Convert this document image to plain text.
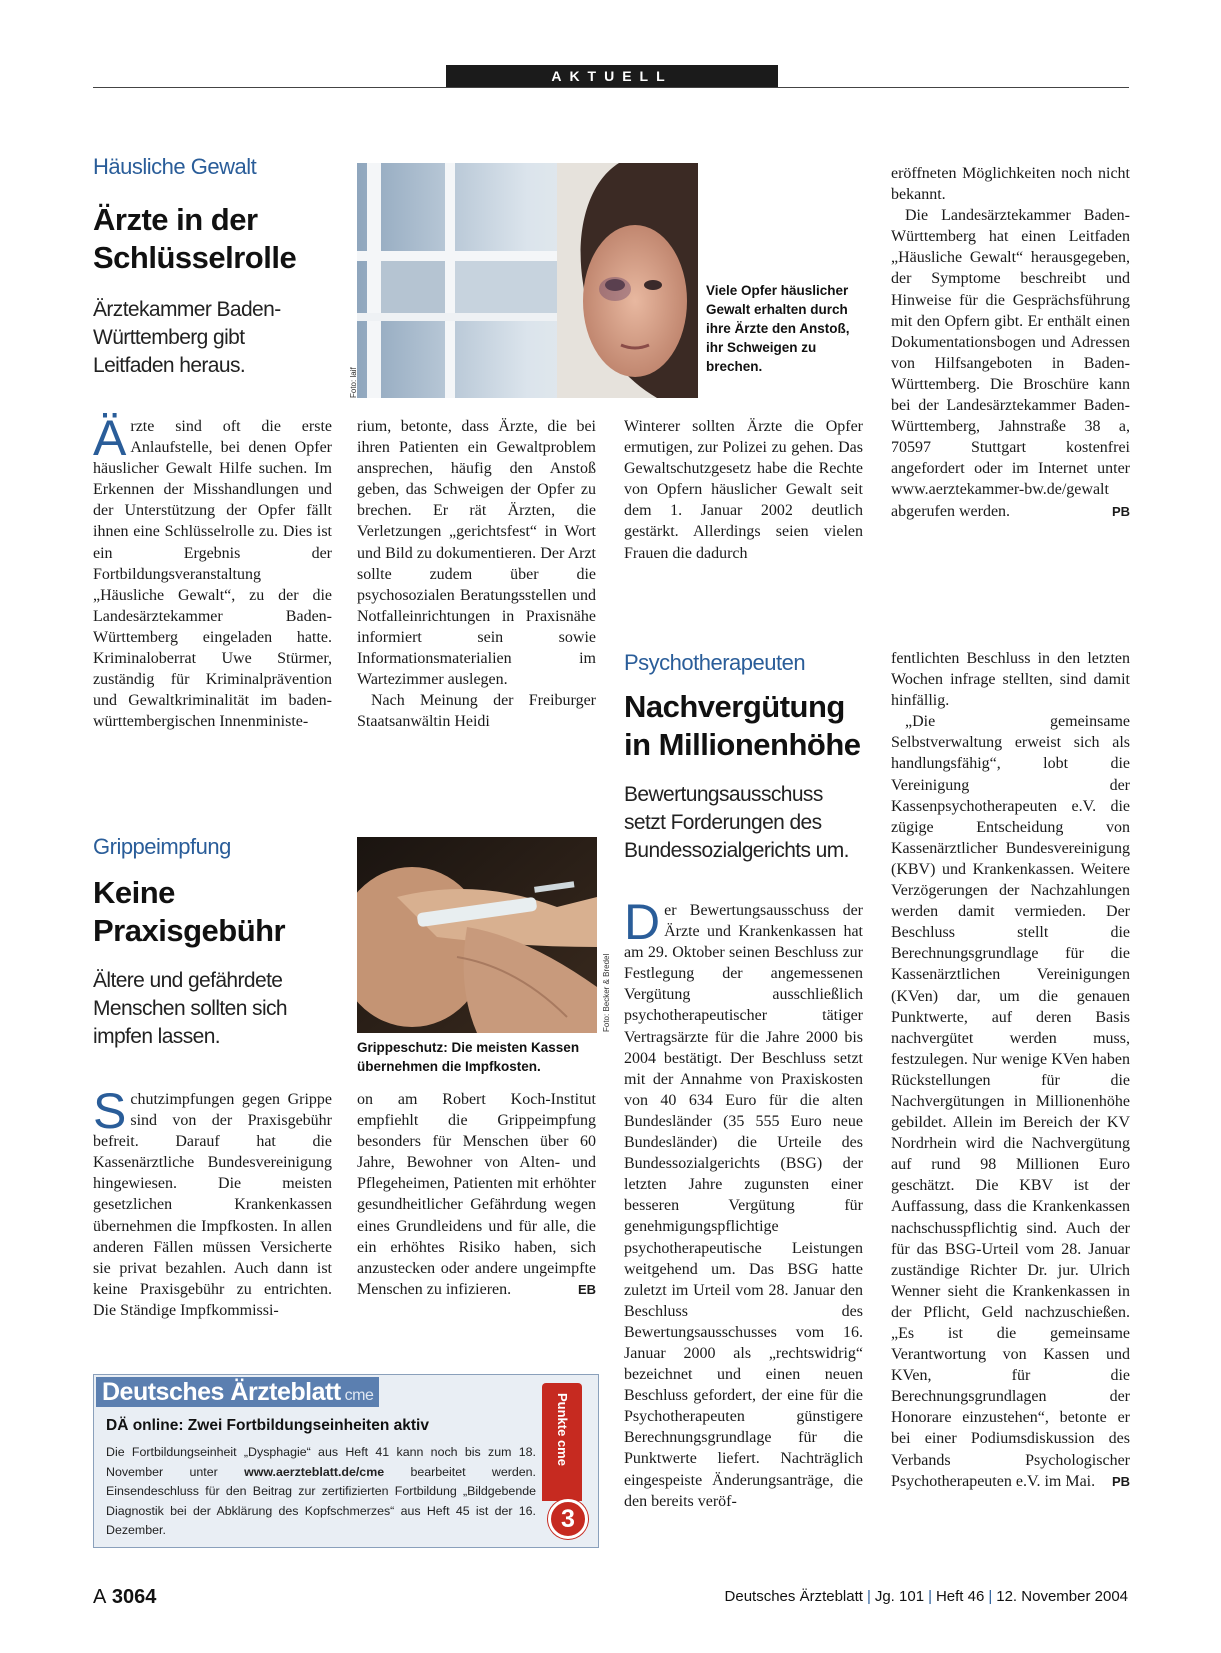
AKTUELL
Häusliche Gewalt
Ärzte in der
Schlüsselrolle
Ärztekammer Baden-
Württemberg gibt
Leitfaden heraus.
Foto: laif
Viele Opfer häuslicher Gewalt erhalten durch ihre Ärzte den Anstoß, ihr Schweigen zu brechen.

Ärzte sind oft die erste Anlaufstelle, bei denen Opfer häuslicher Gewalt Hilfe suchen. Im Erkennen der Misshandlungen und der Unterstützung der Opfer fällt ihnen eine Schlüsselrolle zu. Dies ist ein Ergebnis der Fortbildungsveranstaltung „Häusliche Gewalt“, zu der die Landesärztekammer Baden-Württemberg eingeladen hatte. Kriminaloberrat Uwe Stürmer, zuständig für Kriminalprävention und Gewaltkriminalität im baden-württembergischen Innenministe-

rium, betonte, dass Ärzte, die bei ihren Patienten ein Gewaltproblem ansprechen, häufig den Anstoß geben, das Schweigen der Opfer zu brechen. Er rät Ärzten, die Verletzungen „gerichtsfest“ in Wort und Bild zu dokumentieren. Der Arzt sollte zudem über die psychosozialen Beratungsstellen und Notfalleinrichtungen in Praxisnähe informiert sein sowie Informationsmaterialien im Wartezimmer auslegen.

Nach Meinung der Freiburger Staatsanwältin Heidi

Winterer sollten Ärzte die Opfer ermutigen, zur Polizei zu gehen. Das Gewaltschutzgesetz habe die Rechte von Opfern häuslicher Gewalt seit dem 1. Januar 2002 deutlich gestärkt. Allerdings seien vielen Frauen die dadurch

eröffneten Möglichkeiten noch nicht bekannt.

Die Landesärztekammer Baden-Württemberg hat einen Leitfaden „Häusliche Gewalt“ herausgegeben, der Symptome beschreibt und Hinweise für die Gesprächsführung mit den Opfern gibt. Er enthält einen Dokumentationsbogen und Adressen von Hilfsangeboten in Baden-Württemberg. Die Broschüre kann bei der Landesärztekammer Baden-Württemberg, Jahnstraße 38 a, 70597 Stuttgart kostenfrei angefordert oder im Internet unter www.aerztekammer-bw.de/gewalt abgerufen werden.	PB

Grippeimpfung
Keine
Praxisgebühr
Ältere und gefährdete
Menschen sollten sich
impfen lassen.
Foto: Becker & Bredel
Grippeschutz: Die meisten Kassen übernehmen die Impfkosten.

Schutzimpfungen gegen Grippe sind von der Praxisgebühr befreit. Darauf hat die Kassenärztliche Bundesvereinigung hingewiesen. Die meisten gesetzlichen Krankenkassen übernehmen die Impfkosten. In allen anderen Fällen müssen Versicherte sie privat bezahlen. Auch dann ist keine Praxisgebühr zu entrichten. Die Ständige Impfkommissi-

on am Robert Koch-Institut empfiehlt die Grippeimpfung besonders für Menschen über 60 Jahre, Bewohner von Alten- und Pflegeheimen, Patienten mit erhöhter gesundheitlicher Gefährdung wegen eines Grundleidens und für alle, die ein erhöhtes Risiko haben, sich anzustecken oder andere ungeimpfte Menschen zu infizieren.	EB

Psychotherapeuten
Nachvergütung
in Millionenhöhe
Bewertungsausschuss
setzt Forderungen des
Bundessozialgerichts um.

Der Bewertungsausschuss der Ärzte und Krankenkassen hat am 29. Oktober seinen Beschluss zur Festlegung der angemessenen Vergütung ausschließlich psychotherapeutischer tätiger Vertragsärzte für die Jahre 2000 bis 2004 bestätigt. Der Beschluss setzt mit der Annahme von Praxiskosten von 40 634 Euro für die alten Bundesländer (35 555 Euro neue Bundesländer) die Urteile des Bundessozialgerichts (BSG) der letzten Jahre zugunsten einer besseren Vergütung für genehmigungspflichtige psychotherapeutische Leistungen weitgehend um. Das BSG hatte zuletzt im Urteil vom 28. Januar den Beschluss des Bewertungsausschusses vom 16. Januar 2000 als „rechtswidrig“ bezeichnet und einen neuen Beschluss gefordert, der eine für die Psychotherapeuten günstigere Berechnungsgrundlage für die Punktwerte liefert. Nachträglich eingespeiste Änderungsanträge, die den bereits veröf-

fentlichten Beschluss in den letzten Wochen infrage stellten, sind damit hinfällig.

„Die gemeinsame Selbstverwaltung erweist sich als handlungsfähig“, lobt die Vereinigung der Kassenpsychotherapeuten e.V. die zügige Entscheidung von Kassenärztlicher Bundesvereinigung (KBV) und Krankenkassen. Weitere Verzögerungen der Nachzahlungen werden damit vermieden. Der Beschluss stellt die Berechnungsgrundlage für die Kassenärztlichen Vereinigungen (KVen) dar, um die genauen Punktwerte, auf deren Basis nachvergütet werden muss, festzulegen. Nur wenige KVen haben Rückstellungen für die Nachvergütungen in Millionenhöhe gebildet. Allein im Bereich der KV Nordrhein wird die Nachvergütung auf rund 98 Millionen Euro geschätzt. Die KBV ist der Auffassung, dass die Krankenkassen nachschusspflichtig sind. Auch der für das BSG-Urteil vom 28. Januar zuständige Richter Dr. jur. Ulrich Wenner sieht die Krankenkassen in der Pflicht, Geld nachzuschießen. „Es ist die gemeinsame Verantwortung von Kassen und KVen, für die Berechnungsgrundlagen der Honorare einzustehen“, betonte er bei einer Podiumsdiskussion des Verbands Psychologischer Psychotherapeuten e.V. im Mai.	PB

Deutsches Ärzteblatt cme
DÄ online: Zwei Fortbildungseinheiten aktiv
Die Fortbildungseinheit „Dysphagie“ aus Heft 41 kann noch bis zum 18. November unter www.aerzteblatt.de/cme bearbeitet werden. Einsendeschluss für den Beitrag zur zertifizierten Fortbildung „Bildgebende Diagnostik bei der Abklärung des Kopfschmerzes“ aus Heft 45 ist der 16. Dezember.
Punkte cme
3
A 3064	Deutsches Ärzteblatt | Jg. 101 | Heft 46 | 12. November 2004
